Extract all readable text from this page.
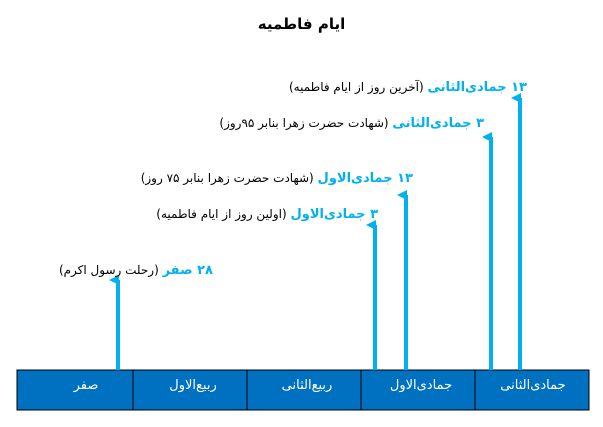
ایام فاطمیه
صفر	ربیع‌الاول	ربیع‌الثانی	جمادی‌الاول	جمادی‌الثانی
۲۸ صفر (رحلت رسول اکرم)
۳ جمادی‌الاول (اولین روز از ایام فاطمیه)
۱۳ جمادی‌الاول (شهادت حضرت زهرا بنابر ۷۵ روز)
۳ جمادی‌الثانی (شهادت حضرت زهرا بنابر ۹۵روز)
۱۳ جمادی‌الثانی (آخرین روز از ایام فاطمیه)
